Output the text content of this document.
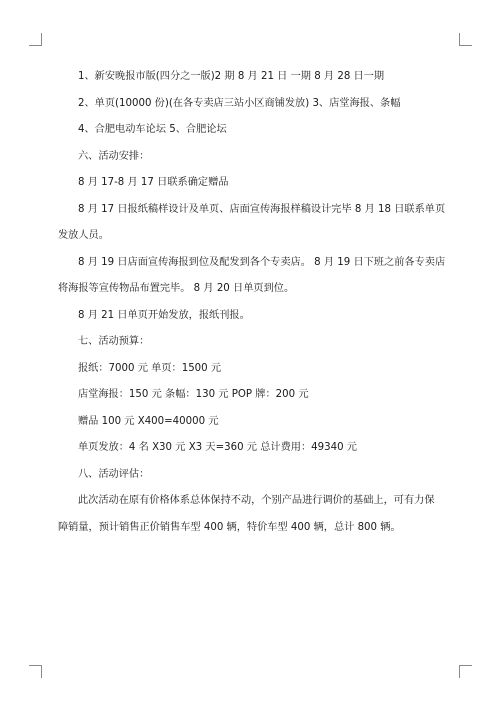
1、新安晚报市版(四分之一版)2 期 8 月 21 日 一期 8 月 28 日一期

2、单页(10000 份)(在各专卖店三站小区商铺发放) 3、店堂海报、条幅

4、合肥电动车论坛 5、合肥论坛

六、活动安排：

8 月 17-8 月 17 日联系确定赠品

8 月 17 日报纸稿样设计及单页、店面宣传海报样稿设计完毕 8 月 18 日联系单页

发放人员。

8 月 19 日店面宣传海报到位及配发到各个专卖店。 8 月 19 日下班之前各专卖店

将海报等宣传物品布置完毕。 8 月 20 日单页到位。

8 月 21 日单页开始发放，报纸刊报。

七、活动预算：

报纸：7000 元 单页：1500 元

店堂海报：150 元 条幅：130 元 POP 牌：200 元

赠品 100 元 X400=40000 元

单页发放：4 名 X30 元 X3 天=360 元 总计费用：49340 元

八、活动评估：

此次活动在原有价格体系总体保持不动，个别产品进行调价的基础上，可有力保

障销量，预计销售正价销售车型 400 辆，特价车型 400 辆，总计 800 辆。
